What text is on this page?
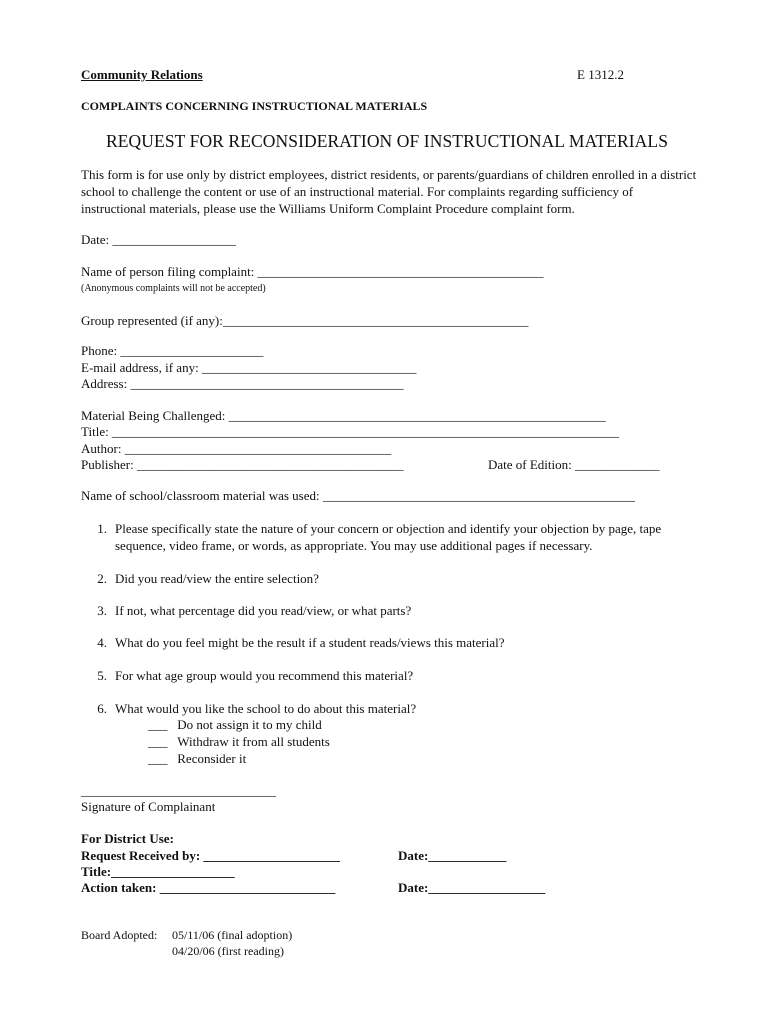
Community Relations	E 1312.2
COMPLAINTS CONCERNING INSTRUCTIONAL MATERIALS
REQUEST FOR RECONSIDERATION OF INSTRUCTIONAL MATERIALS
This form is for use only by district employees, district residents, or parents/guardians of children enrolled in a district school to challenge the content or use of an instructional material. For complaints regarding sufficiency of instructional materials, please use the Williams Uniform Complaint Procedure complaint form.
Date: ___________________
Name of person filing complaint: ____________________________________________
(Anonymous complaints will not be accepted)
Group represented (if any):_______________________________________________
Phone: ______________________
E-mail address, if any: _________________________________
Address: __________________________________________
Material Being Challenged: __________________________________________________________
Title: ______________________________________________________________________________
Author: _________________________________________
Publisher: _________________________________________	Date of Edition: _____________
Name of school/classroom material was used: ________________________________________________
1. Please specifically state the nature of your concern or objection and identify your objection by page, tape sequence, video frame, or words, as appropriate. You may use additional pages if necessary.
2. Did you read/view the entire selection?
3. If not, what percentage did you read/view, or what parts?
4. What do you feel might be the result if a student reads/views this material?
5. For what age group would you recommend this material?
6. What would you like the school to do about this material?
___ Do not assign it to my child
___ Withdraw it from all students
___ Reconsider it
______________________________
Signature of Complainant
For District Use:
Request Received by: _____________________	Date:____________
Title:___________________
Action taken: ___________________________	Date:__________________
Board Adopted: 05/11/06 (final adoption)
04/20/06 (first reading)
